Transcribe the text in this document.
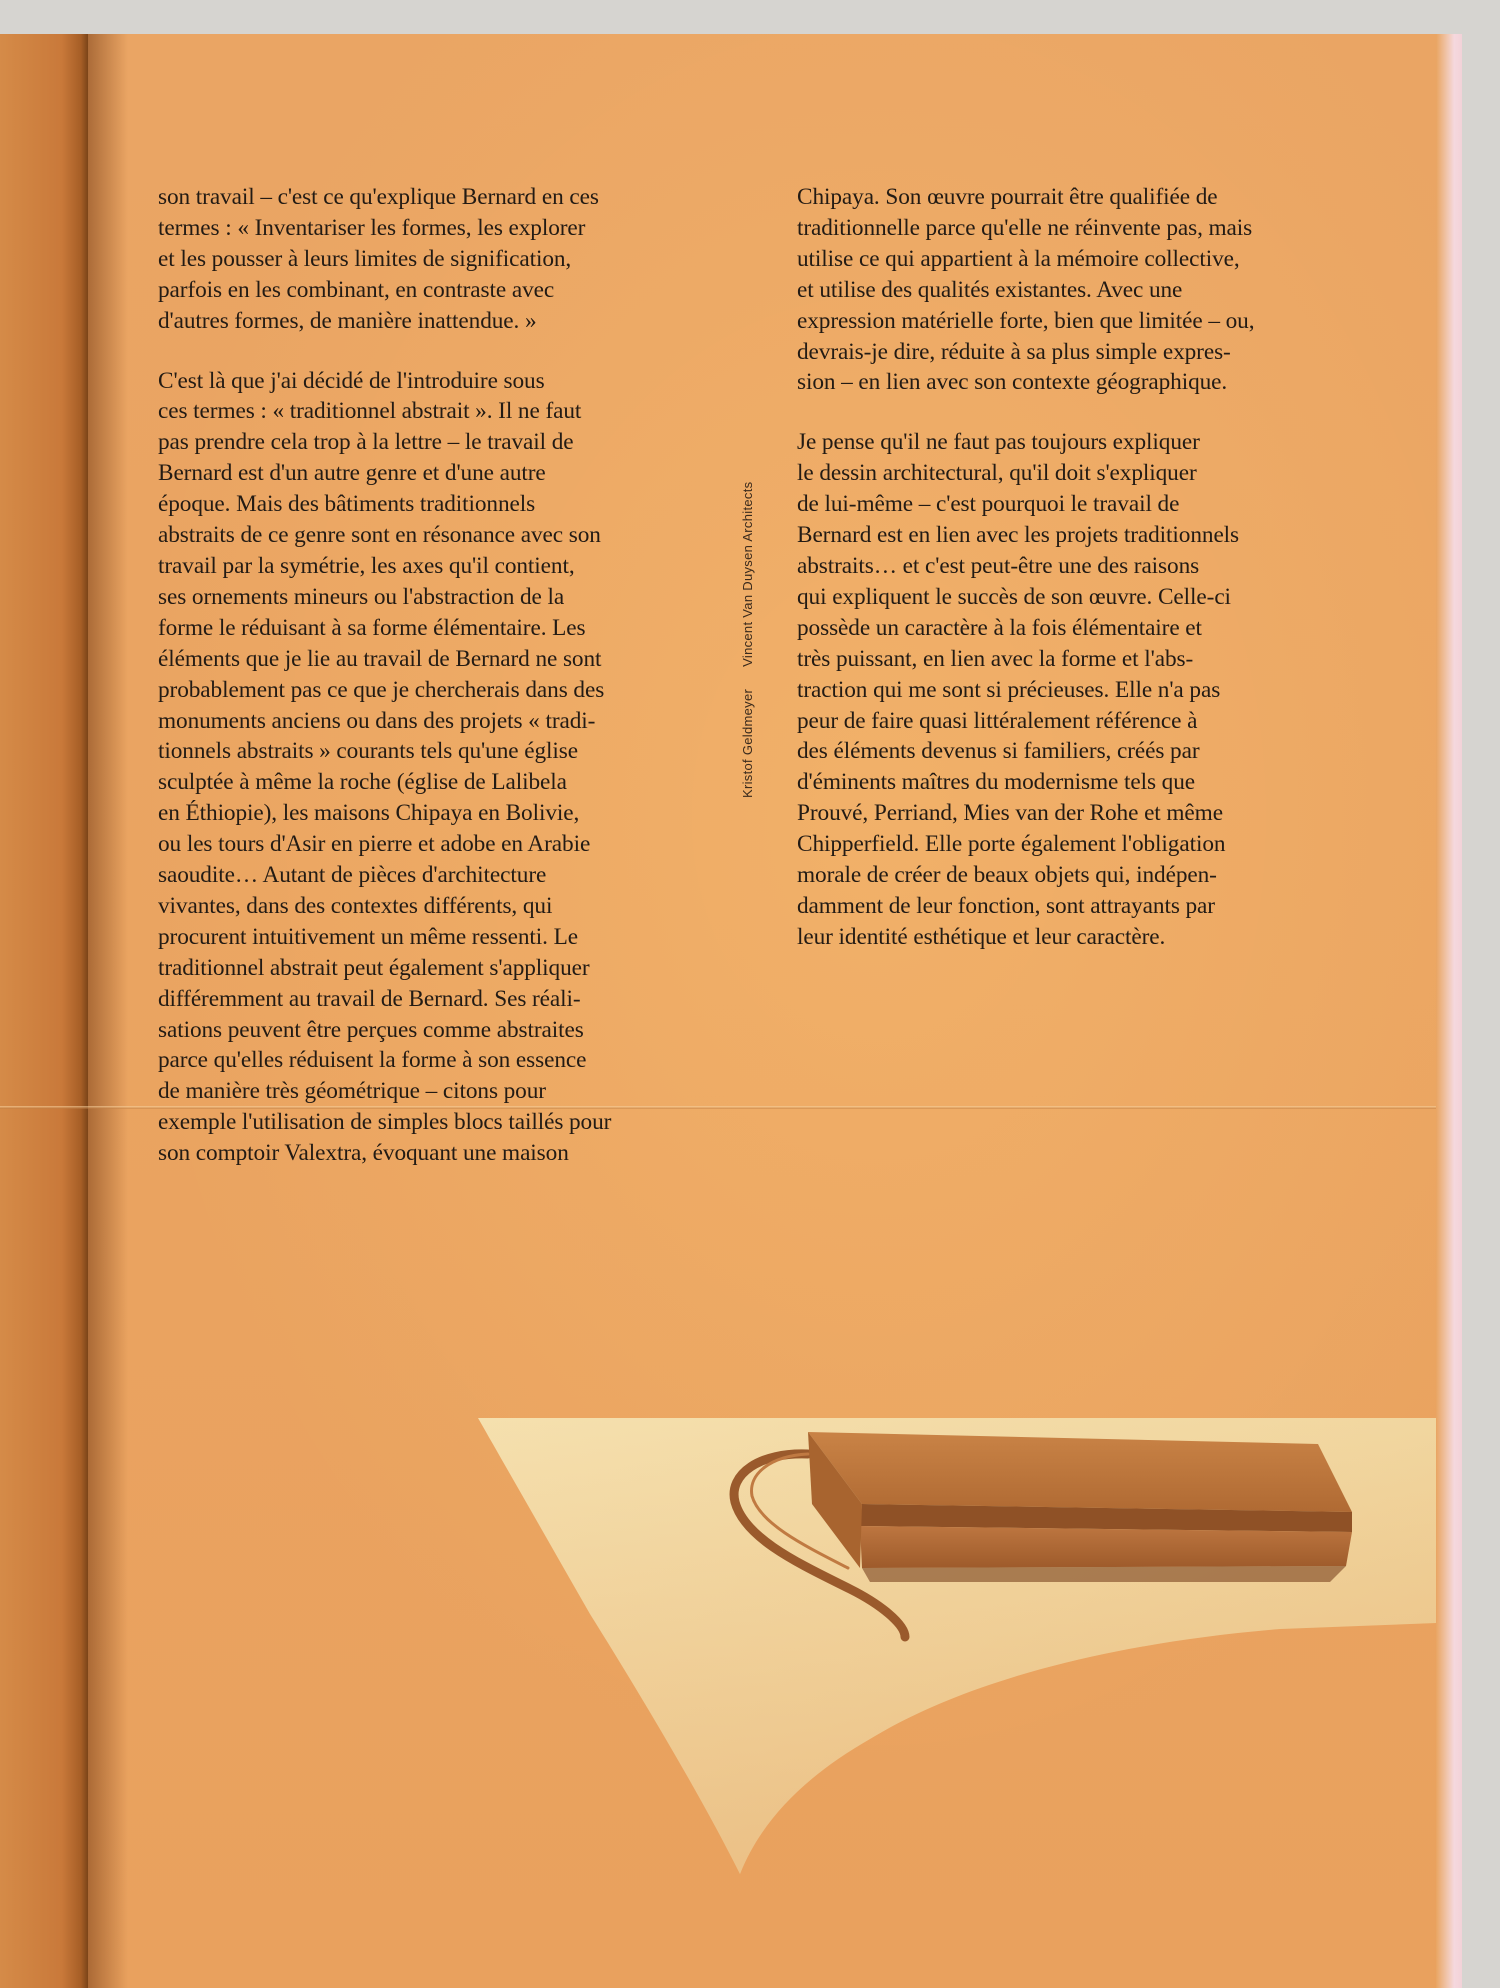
son travail – c'est ce qu'explique Bernard en ces
termes : « Inventariser les formes, les explorer
et les pousser à leurs limites de signification,
parfois en les combinant, en contraste avec
d'autres formes, de manière inattendue. »

C'est là que j'ai décidé de l'introduire sous
ces termes : « traditionnel abstrait ». Il ne faut
pas prendre cela trop à la lettre – le travail de
Bernard est d'un autre genre et d'une autre
époque. Mais des bâtiments traditionnels
abstraits de ce genre sont en résonance avec son
travail par la symétrie, les axes qu'il contient,
ses ornements mineurs ou l'abstraction de la
forme le réduisant à sa forme élémentaire. Les
éléments que je lie au travail de Bernard ne sont
probablement pas ce que je chercherais dans des
monuments anciens ou dans des projets « tradi-
tionnels abstraits » courants tels qu'une église
sculptée à même la roche (église de Lalibela
en Éthiopie), les maisons Chipaya en Bolivie,
ou les tours d'Asir en pierre et adobe en Arabie
saoudite… Autant de pièces d'architecture
vivantes, dans des contextes différents, qui
procurent intuitivement un même ressenti. Le
traditionnel abstrait peut également s'appliquer
différemment au travail de Bernard. Ses réali-
sations peuvent être perçues comme abstraites
parce qu'elles réduisent la forme à son essence
de manière très géométrique – citons pour
exemple l'utilisation de simples blocs taillés pour
son comptoir Valextra, évoquant une maison

Kristof GeldmeyerVincent Van Duysen Architects

Chipaya. Son œuvre pourrait être qualifiée de
traditionnelle parce qu'elle ne réinvente pas, mais
utilise ce qui appartient à la mémoire collective,
et utilise des qualités existantes. Avec une
expression matérielle forte, bien que limitée – ou,
devrais-je dire, réduite à sa plus simple expres-
sion – en lien avec son contexte géographique.

Je pense qu'il ne faut pas toujours expliquer
le dessin architectural, qu'il doit s'expliquer
de lui-même – c'est pourquoi le travail de
Bernard est en lien avec les projets traditionnels
abstraits… et c'est peut-être une des raisons
qui expliquent le succès de son œuvre. Celle-ci
possède un caractère à la fois élémentaire et
très puissant, en lien avec la forme et l'abs-
traction qui me sont si précieuses. Elle n'a pas
peur de faire quasi littéralement référence à
des éléments devenus si familiers, créés par
d'éminents maîtres du modernisme tels que
Prouvé, Perriand, Mies van der Rohe et même
Chipperfield. Elle porte également l'obligation
morale de créer de beaux objets qui, indépen-
damment de leur fonction, sont attrayants par
leur identité esthétique et leur caractère.
